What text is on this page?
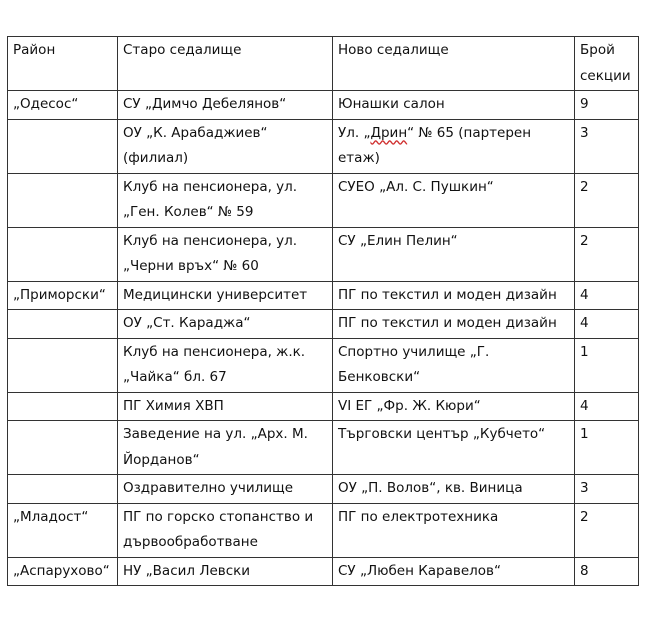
Район	Старо седалище	Ново седалище	Брой секции
„Одесос“	СУ „Димчо Дебелянов“	Юнашки салон	9
	ОУ „К. Арабаджиев“ (филиал)	Ул. „Дрин“ № 65 (партерен етаж)	3
	Клуб на пенсионера, ул. „Ген. Колев“ № 59	СУЕО „Ал. С. Пушкин“	2
	Клуб на пенсионера, ул. „Черни връх“ № 60	СУ „Елин Пелин“	2
„Приморски“	Медицински университет	ПГ по текстил и моден дизайн	4
	ОУ „Ст. Караджа“	ПГ по текстил и моден дизайн	4
	Клуб на пенсионера, ж.к. „Чайка“ бл. 67	Спортно училище „Г. Бенковски“	1
	ПГ Химия ХВП	VI ЕГ „Фр. Ж. Кюри“	4
	Заведение на ул. „Арх. М. Йорданов“	Търговски център „Кубчето“	1
	Оздравително училище	ОУ „П. Волов“, кв. Виница	3
„Младост“	ПГ по горско стопанство и дървообработване	ПГ по електротехника	2
„Аспарухово“	НУ „Васил Левски	СУ „Любен Каравелов“	8
